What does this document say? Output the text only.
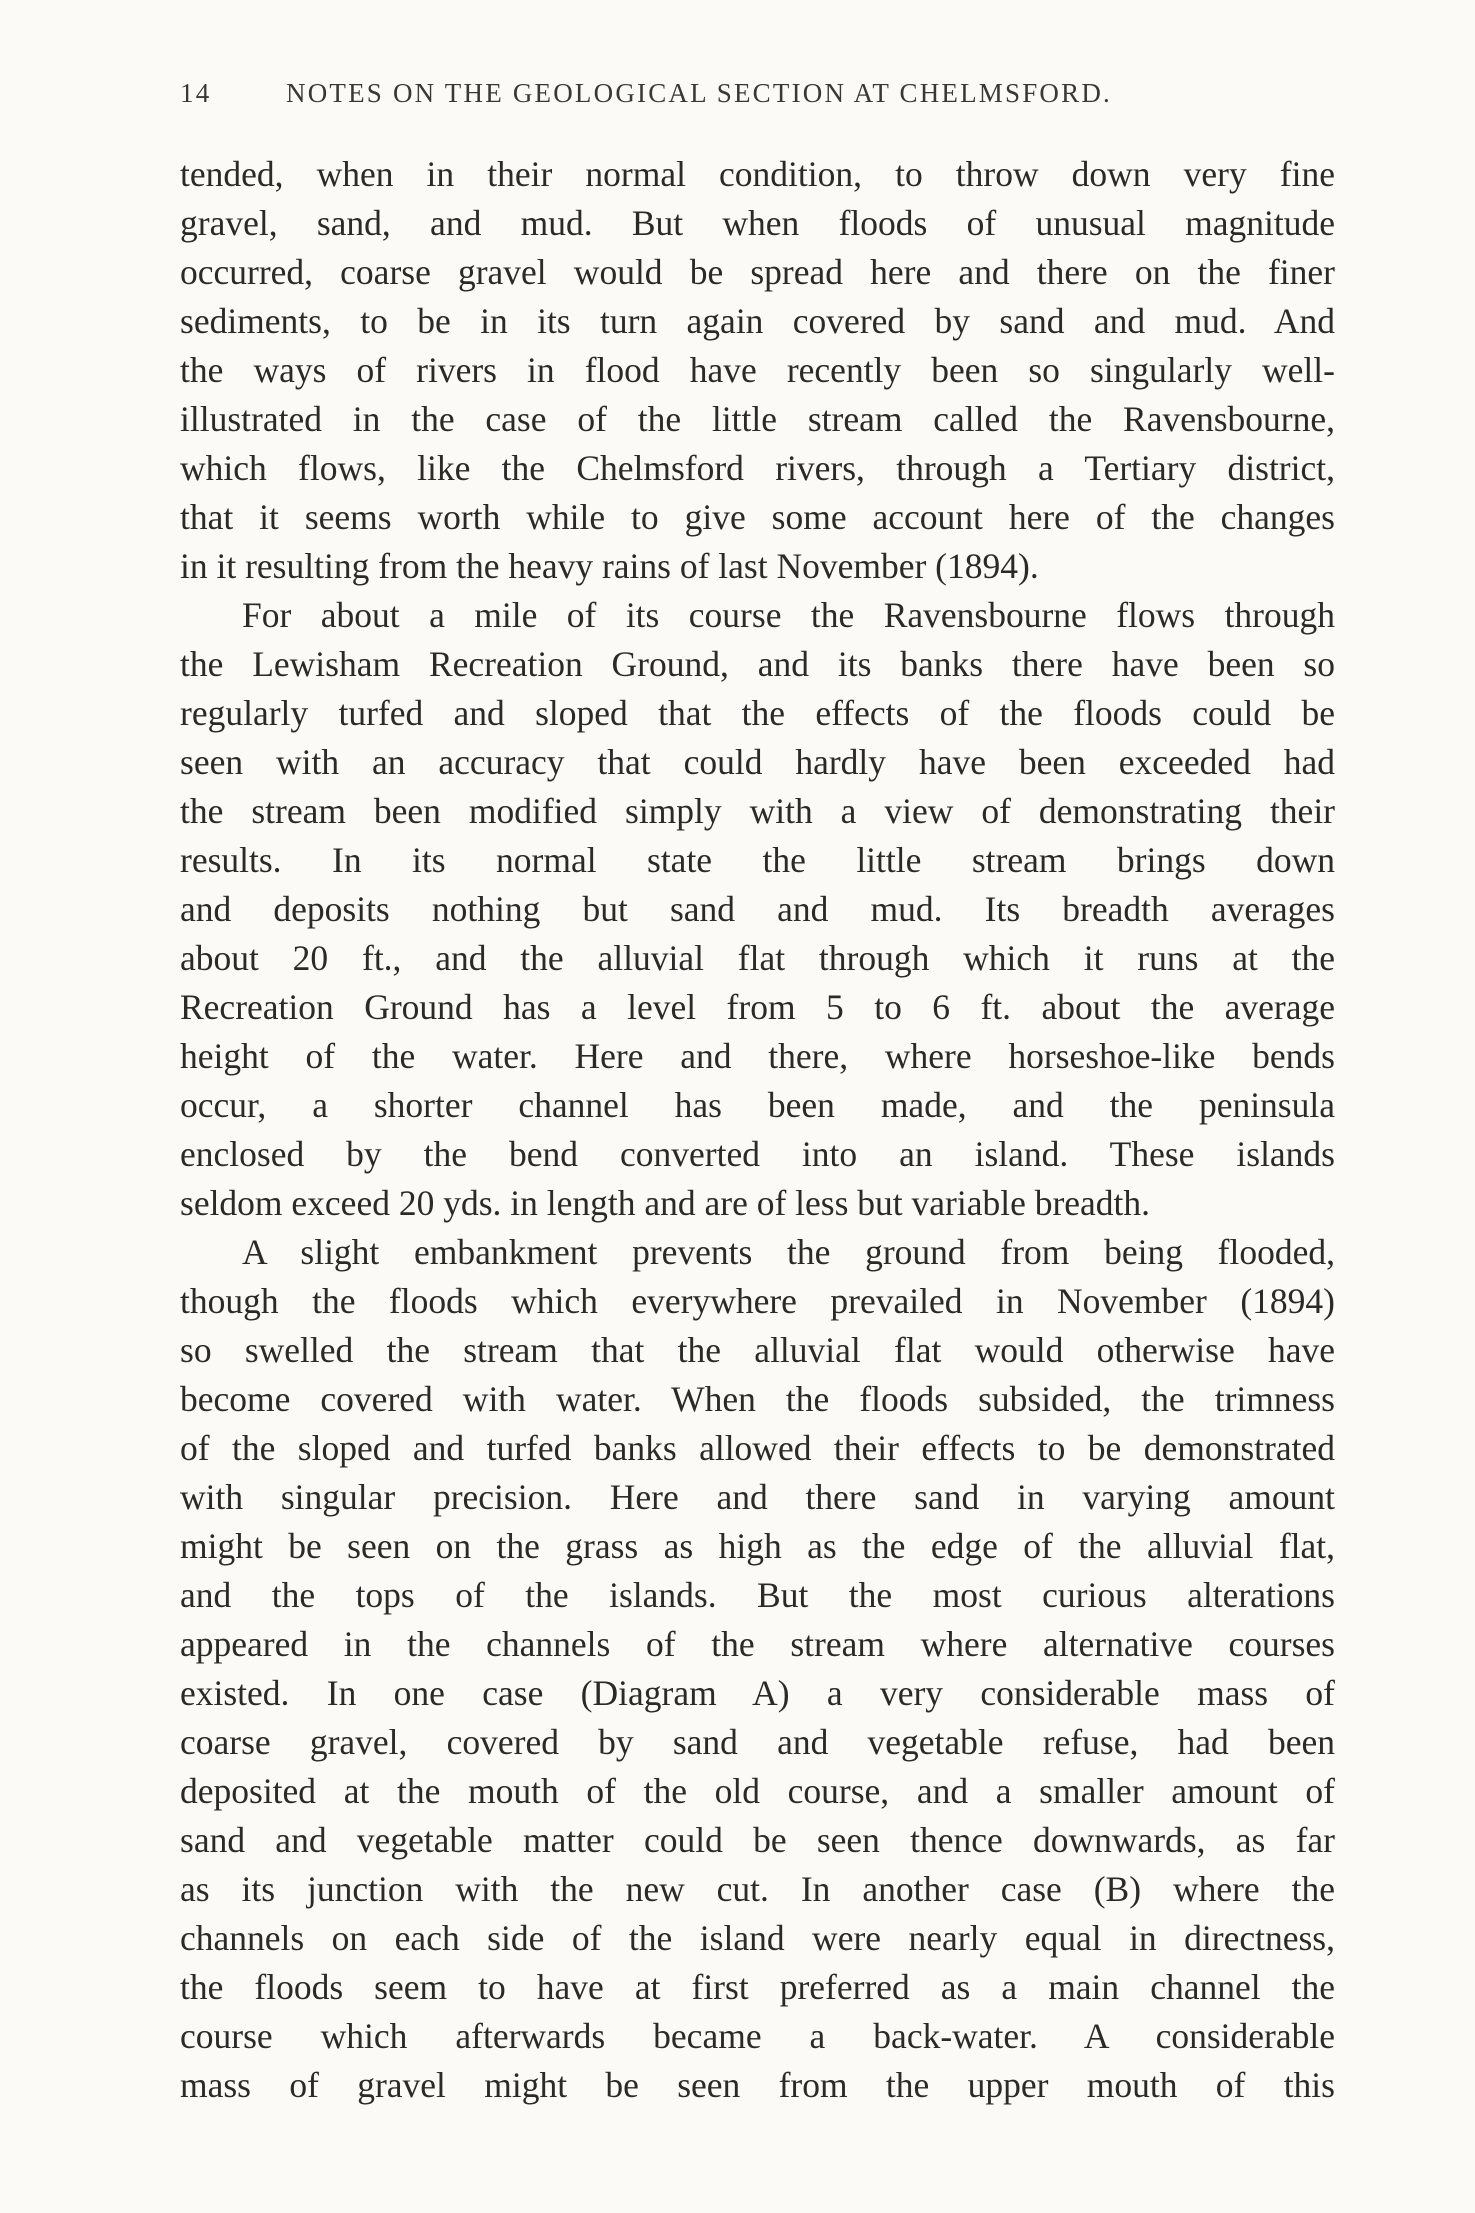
14	NOTES ON THE GEOLOGICAL SECTION AT CHELMSFORD.
tended, when in their normal condition, to throw down very fine
gravel, sand, and mud. But when floods of unusual magnitude
occurred, coarse gravel would be spread here and there on the finer
sediments, to be in its turn again covered by sand and mud. And
the ways of rivers in flood have recently been so singularly well-
illustrated in the case of the little stream called the Ravensbourne,
which flows, like the Chelmsford rivers, through a Tertiary district,
that it seems worth while to give some account here of the changes
in it resulting from the heavy rains of last November (1894).
For about a mile of its course the Ravensbourne flows through
the Lewisham Recreation Ground, and its banks there have been so
regularly turfed and sloped that the effects of the floods could be
seen with an accuracy that could hardly have been exceeded had
the stream been modified simply with a view of demonstrating their
results. In its normal state the little stream brings down
and deposits nothing but sand and mud. Its breadth averages
about 20 ft., and the alluvial flat through which it runs at the
Recreation Ground has a level from 5 to 6 ft. about the average
height of the water. Here and there, where horseshoe-like bends
occur, a shorter channel has been made, and the peninsula
enclosed by the bend converted into an island. These islands
seldom exceed 20 yds. in length and are of less but variable breadth.
A slight embankment prevents the ground from being flooded,
though the floods which everywhere prevailed in November (1894)
so swelled the stream that the alluvial flat would otherwise have
become covered with water. When the floods subsided, the trimness
of the sloped and turfed banks allowed their effects to be demonstrated
with singular precision. Here and there sand in varying amount
might be seen on the grass as high as the edge of the alluvial flat,
and the tops of the islands. But the most curious alterations
appeared in the channels of the stream where alternative courses
existed. In one case (Diagram A) a very considerable mass of
coarse gravel, covered by sand and vegetable refuse, had been
deposited at the mouth of the old course, and a smaller amount of
sand and vegetable matter could be seen thence downwards, as far
as its junction with the new cut. In another case (B) where the
channels on each side of the island were nearly equal in directness,
the floods seem to have at first preferred as a main channel the
course which afterwards became a back-water. A considerable
mass of gravel might be seen from the upper mouth of this
